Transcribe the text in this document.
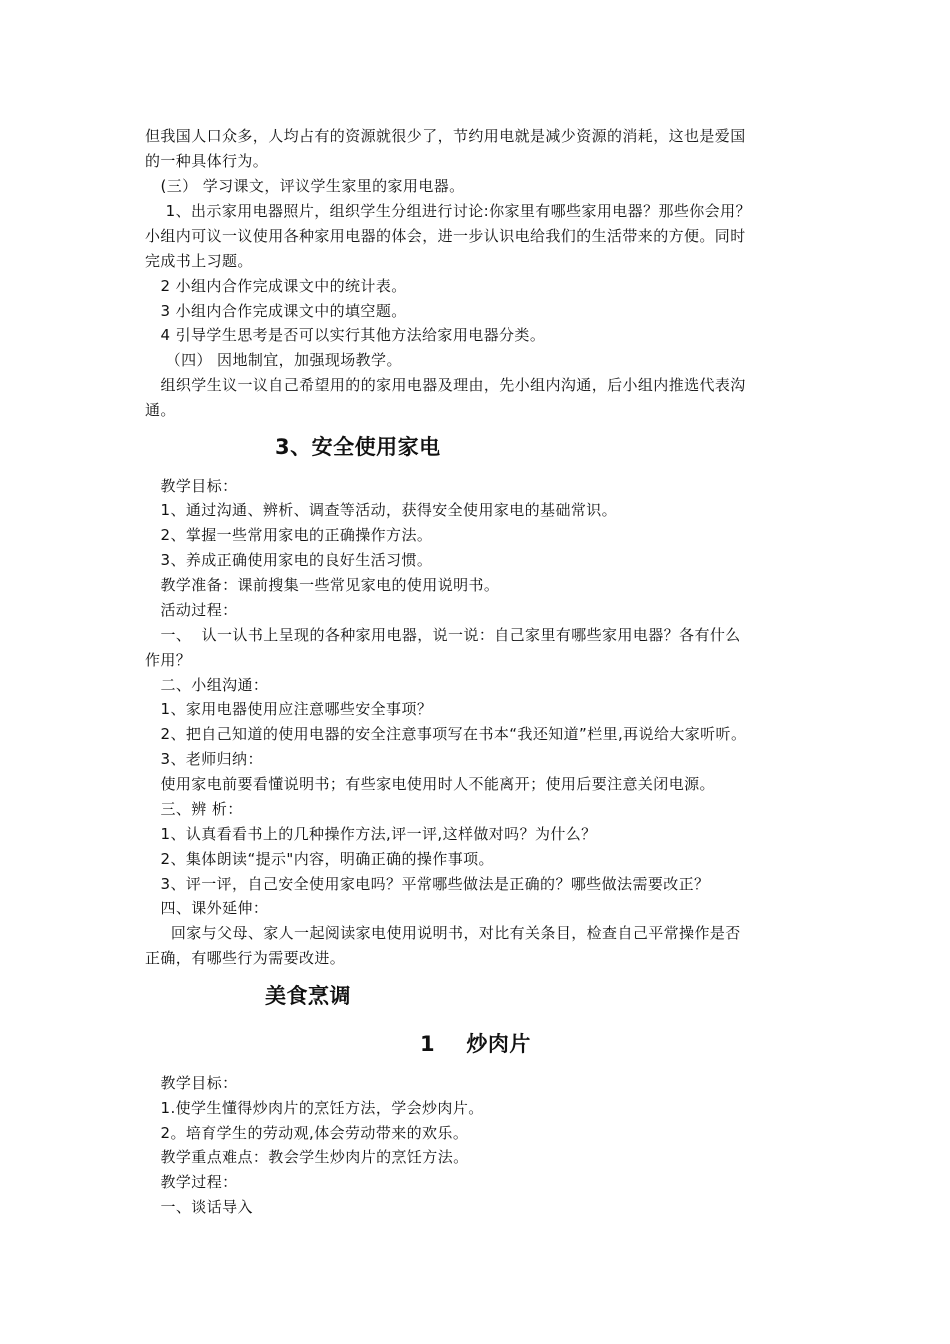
但我国人口众多，人均占有的资源就很少了，节约用电就是减少资源的消耗，这也是爱国
的一种具体行为。
(三） 学习课文，评议学生家里的家用电器。
1、出示家用电器照片，组织学生分组进行讨论:你家里有哪些家用电器？那些你会用？
小组内可议一议使用各种家用电器的体会，进一步认识电给我们的生活带来的方便。同时
完成书上习题。
2 小组内合作完成课文中的统计表。
3 小组内合作完成课文中的填空题。
4 引导学生思考是否可以实行其他方法给家用电器分类。
（四） 因地制宜，加强现场教学。
组织学生议一议自己希望用的的家用电器及理由，先小组内沟通，后小组内推选代表沟
通。
3、安全使用家电
教学目标：
1、通过沟通、辨析、调查等活动，获得安全使用家电的基础常识。
2、掌握一些常用家电的正确操作方法。
3、养成正确使用家电的良好生活习惯。
教学准备：课前搜集一些常见家电的使用说明书。
活动过程：
一、  认一认书上呈现的各种家用电器，说一说：自己家里有哪些家用电器？各有什么
作用？
二、小组沟通：
1、家用电器使用应注意哪些安全事项？
2、把自己知道的使用电器的安全注意事项写在书本“我还知道”栏里,再说给大家听听。
3、老师归纳：
使用家电前要看懂说明书；有些家电使用时人不能离开；使用后要注意关闭电源。
三、辨 析：
1、认真看看书上的几种操作方法,评一评,这样做对吗？为什么？
2、集体朗读“提示"内容，明确正确的操作事项。
3、评一评，自己安全使用家电吗？平常哪些做法是正确的？哪些做法需要改正？
四、课外延伸：
回家与父母、家人一起阅读家电使用说明书，对比有关条目，检查自己平常操作是否
正确，有哪些行为需要改进。
美食烹调
1    炒肉片
教学目标：
1.使学生懂得炒肉片的烹饪方法，学会炒肉片。
2。培育学生的劳动观,体会劳动带来的欢乐。
教学重点难点：教会学生炒肉片的烹饪方法。
教学过程：
一、谈话导入
